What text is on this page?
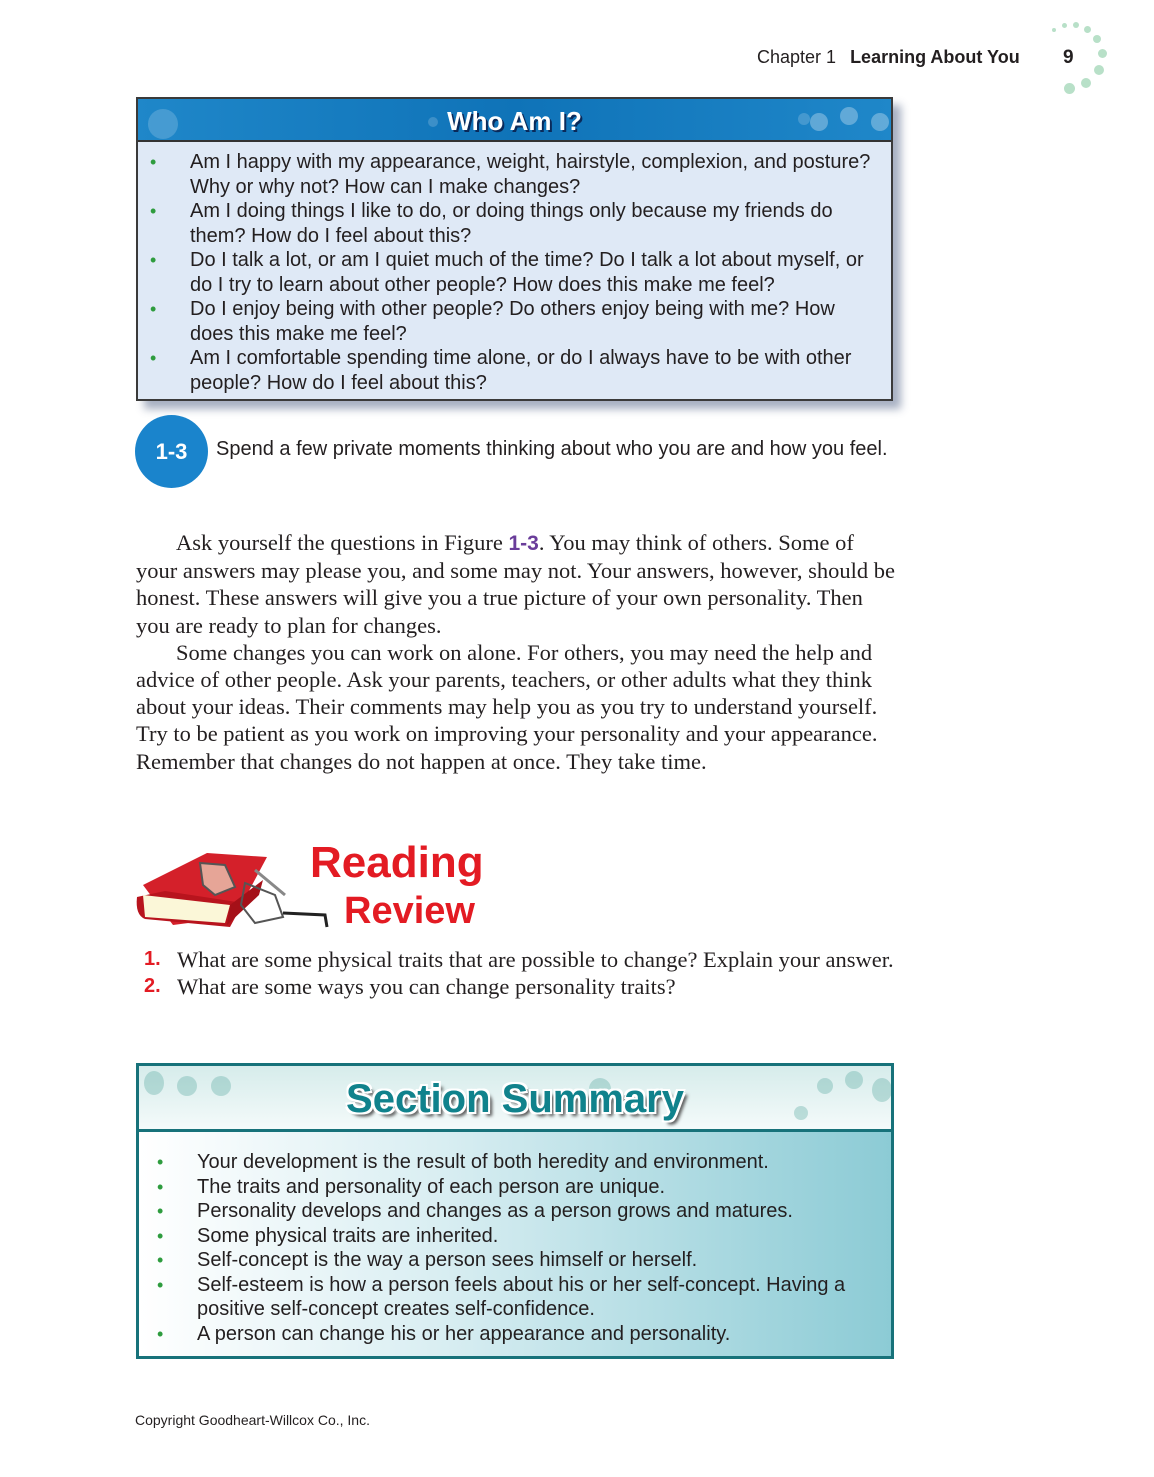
Chapter 1 Learning About You 9
Who Am I?
• Am I happy with my appearance, weight, hairstyle, complexion, and posture? Why or why not? How can I make changes?
• Am I doing things I like to do, or doing things only because my friends do them? How do I feel about this?
• Do I talk a lot, or am I quiet much of the time? Do I talk a lot about myself, or do I try to learn about other people? How does this make me feel?
• Do I enjoy being with other people? Do others enjoy being with me? How does this make me feel?
• Am I comfortable spending time alone, or do I always have to be with other people? How do I feel about this?
1-3	Spend a few private moments thinking about who you are and how you feel.

Ask yourself the questions in Figure 1-3. You may think of others. Some of your answers may please you, and some may not. Your answers, however, should be honest. These answers will give you a true picture of your own personality. Then you are ready to plan for changes.

Some changes you can work on alone. For others, you may need the help and advice of other people. Ask your parents, teachers, or other adults what they think about your ideas. Their comments may help you as you try to understand yourself. Try to be patient as you work on improving your personality and your appearance. Remember that changes do not happen at once. They take time.

Reading
Review
1. What are some physical traits that are possible to change? Explain your answer.
2. What are some ways you can change personality traits?
Section Summary
• Your development is the result of both heredity and environment.
• The traits and personality of each person are unique.
• Personality develops and changes as a person grows and matures.
• Some physical traits are inherited.
• Self-concept is the way a person sees himself or herself.
• Self-esteem is how a person feels about his or her self-concept. Having a positive self-concept creates self-confidence.
• A person can change his or her appearance and personality.
Copyright Goodheart-Willcox Co., Inc.
